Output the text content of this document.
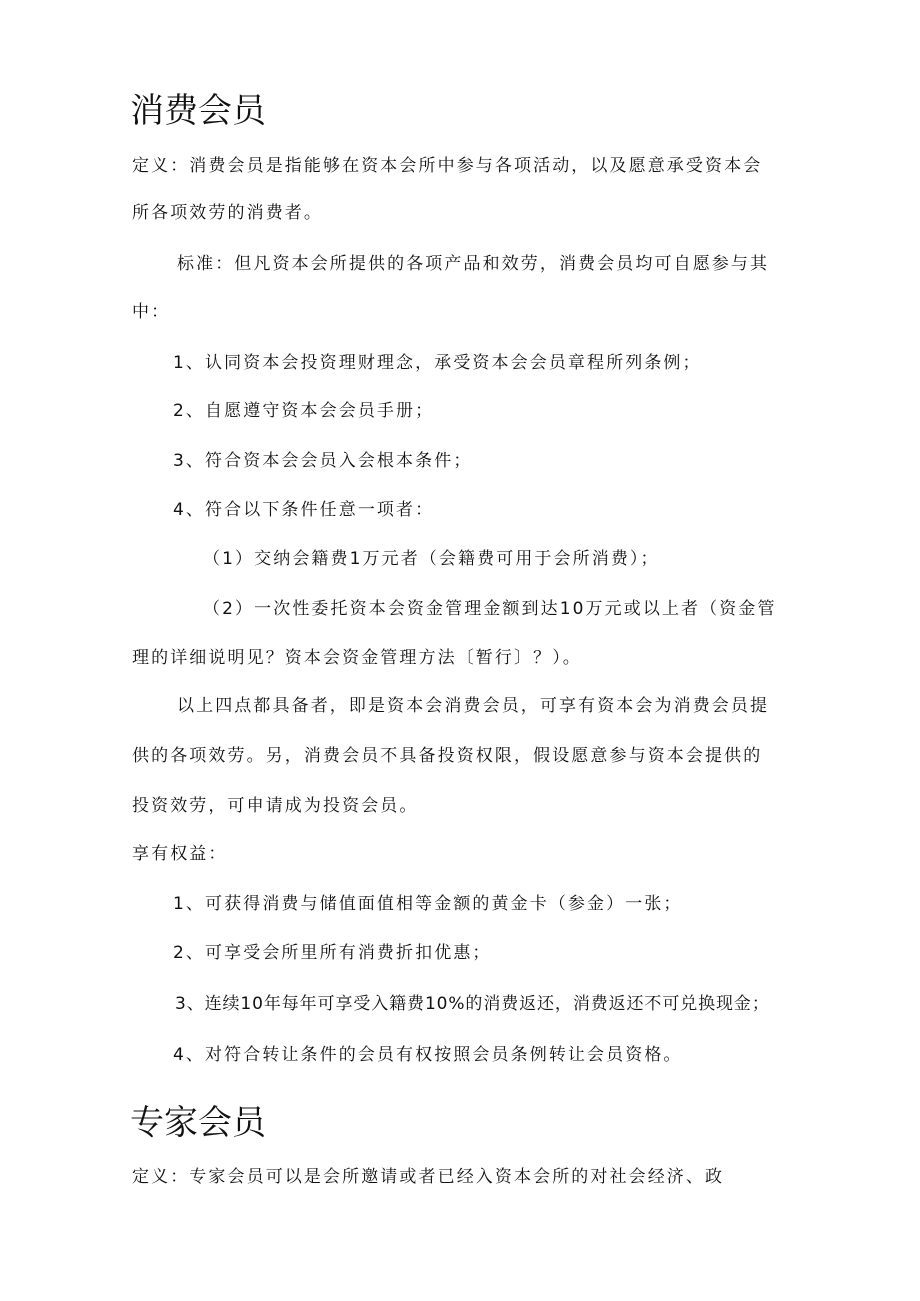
消费会员
定义：消费会员是指能够在资本会所中参与各项活动，以及愿意承受资本会
所各项效劳的消费者。
标准：但凡资本会所提供的各项产品和效劳，消费会员均可自愿参与其
中：
1、认同资本会投资理财理念，承受资本会会员章程所列条例；
2、自愿遵守资本会会员手册；
3、符合资本会会员入会根本条件；
4、符合以下条件任意一项者：
（1）交纳会籍费1万元者（会籍费可用于会所消费）；
（2）一次性委托资本会资金管理金额到达10万元或以上者（资金管
理的详细说明见？资本会资金管理方法〔暂行〕？）。
以上四点都具备者，即是资本会消费会员，可享有资本会为消费会员提
供的各项效劳。另，消费会员不具备投资权限，假设愿意参与资本会提供的
投资效劳，可申请成为投资会员。
享有权益：
1、可获得消费与储值面值相等金额的黄金卡（参金）一张；
2、可享受会所里所有消费折扣优惠；
3、连续10年每年可享受入籍费10%的消费返还，消费返还不可兑换现金；
4、对符合转让条件的会员有权按照会员条例转让会员资格。
专家会员
定义：专家会员可以是会所邀请或者已经入资本会所的对社会经济、政
